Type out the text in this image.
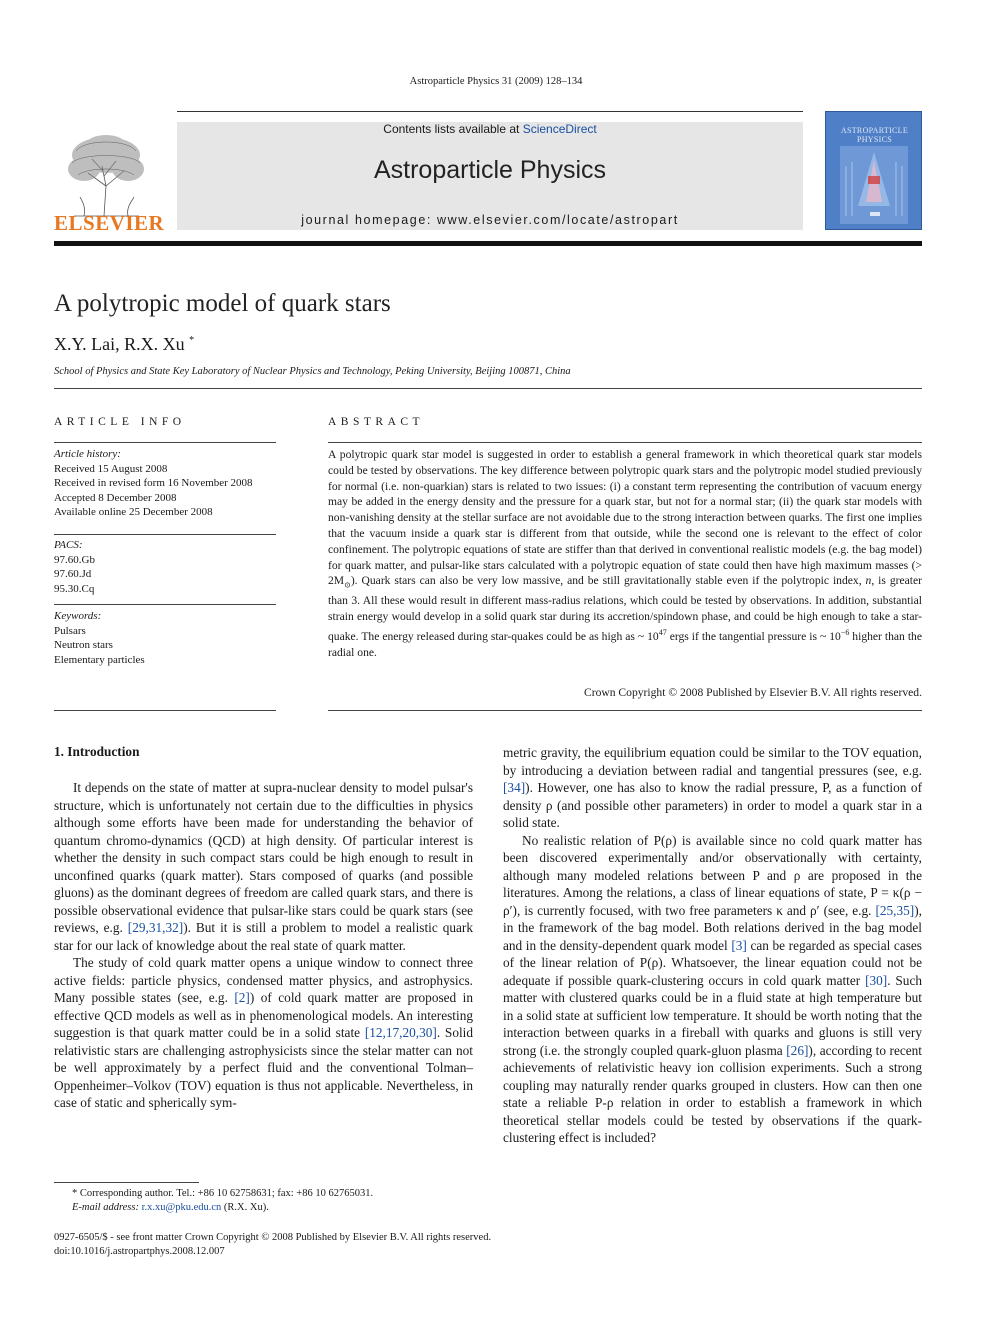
Astroparticle Physics 31 (2009) 128–134
ELSEVIER
Contents lists available at ScienceDirect
Astroparticle Physics
journal homepage: www.elsevier.com/locate/astropart
ASTROPARTICLE
PHYSICS
A polytropic model of quark stars
X.Y. Lai, R.X. Xu *
School of Physics and State Key Laboratory of Nuclear Physics and Technology, Peking University, Beijing 100871, China
ARTICLE INFO	ABSTRACT
Article history:
Received 15 August 2008
Received in revised form 16 November 2008
Accepted 8 December 2008
Available online 25 December 2008
PACS:
97.60.Gb
97.60.Jd
95.30.Cq
Keywords:
Pulsars
Neutron stars
Elementary particles
A polytropic quark star model is suggested in order to establish a general framework in which theoretical quark star models could be tested by observations. The key difference between polytropic quark stars and the polytropic model studied previously for normal (i.e. non-quarkian) stars is related to two issues: (i) a constant term representing the contribution of vacuum energy may be added in the energy density and the pressure for a quark star, but not for a normal star; (ii) the quark star models with non-vanishing density at the stellar surface are not avoidable due to the strong interaction between quarks. The first one implies that the vacuum inside a quark star is different from that outside, while the second one is relevant to the effect of color confinement. The polytropic equations of state are stiffer than that derived in conventional realistic models (e.g. the bag model) for quark matter, and pulsar-like stars calculated with a polytropic equation of state could then have high maximum masses (> $2M_⊙$). Quark stars can also be very low massive, and be still gravitationally stable even if the polytropic index, n, is greater than 3. All these would result in different mass-radius relations, which could be tested by observations. In addition, substantial strain energy would develop in a solid quark star during its accretion/spindown phase, and could be high enough to take a star-quake. The energy released during star-quakes could be as high as ~ $10^{47}$ ergs if the tangential pressure is ~ $10^{-6}$ higher than the radial one.
Crown Copyright © 2008 Published by Elsevier B.V. All rights reserved.
1. Introduction

It depends on the state of matter at supra-nuclear density to model pulsar's structure, which is unfortunately not certain due to the difficulties in physics although some efforts have been made for understanding the behavior of quantum chromo-dynamics (QCD) at high density. Of particular interest is whether the density in such compact stars could be high enough to result in unconfined quarks (quark matter). Stars composed of quarks (and possible gluons) as the dominant degrees of freedom are called quark stars, and there is possible observational evidence that pulsar-like stars could be quark stars (see reviews, e.g. [29,31,32]). But it is still a problem to model a realistic quark star for our lack of knowledge about the real state of quark matter.

The study of cold quark matter opens a unique window to connect three active fields: particle physics, condensed matter physics, and astrophysics. Many possible states (see, e.g. [2]) of cold quark matter are proposed in effective QCD models as well as in phenomenological models. An interesting suggestion is that quark matter could be in a solid state [12,17,20,30]. Solid relativistic stars are challenging astrophysicists since the stelar matter can not be well approximately by a perfect fluid and the conventional Tolman–Oppenheimer–Volkov (TOV) equation is thus not applicable. Nevertheless, in case of static and spherically sym-

metric gravity, the equilibrium equation could be similar to the TOV equation, by introducing a deviation between radial and tangential pressures (see, e.g. [34]). However, one has also to know the radial pressure, P, as a function of density ρ (and possible other parameters) in order to model a quark star in a solid state.

No realistic relation of P(ρ) is available since no cold quark matter has been discovered experimentally and/or observationally with certainty, although many modeled relations between P and ρ are proposed in the literatures. Among the relations, a class of linear equations of state, P = κ(ρ − ρ′), is currently focused, with two free parameters κ and ρ′ (see, e.g. [25,35]), in the framework of the bag model. Both relations derived in the bag model and in the density-dependent quark model [3] can be regarded as special cases of the linear relation of P(ρ). Whatsoever, the linear equation could not be adequate if possible quark-clustering occurs in cold quark matter [30]. Such matter with clustered quarks could be in a fluid state at high temperature but in a solid state at sufficient low temperature. It should be worth noting that the interaction between quarks in a fireball with quarks and gluons is still very strong (i.e. the strongly coupled quark-gluon plasma [26]), according to recent achievements of relativistic heavy ion collision experiments. Such a strong coupling may naturally render quarks grouped in clusters. How can then one state a reliable P-ρ relation in order to establish a framework in which theoretical stellar models could be tested by observations if the quark-clustering effect is included?

* Corresponding author. Tel.: +86 10 62758631; fax: +86 10 62765031.
E-mail address: r.x.xu@pku.edu.cn (R.X. Xu).
0927-6505/$ - see front matter Crown Copyright © 2008 Published by Elsevier B.V. All rights reserved.
doi:10.1016/j.astropartphys.2008.12.007
